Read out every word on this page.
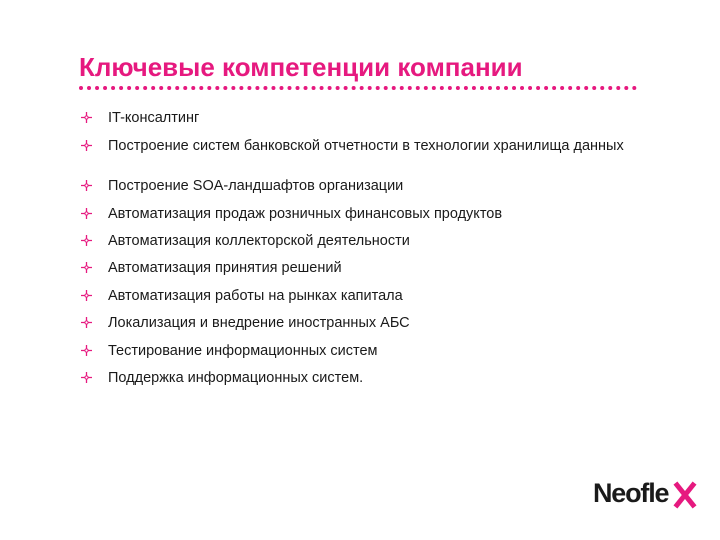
Ключевые компетенции компании
IT-консалтинг
Построение систем банковской отчетности в технологии хранилища данных
Построение SOA-ландшафтов организации
Автоматизация продаж розничных финансовых продуктов
Автоматизация коллекторской деятельности
Автоматизация принятия решений
Автоматизация работы на рынках капитала
Локализация и внедрение иностранных АБС
Тестирование информационных систем
Поддержка информационных систем.
Neofle
